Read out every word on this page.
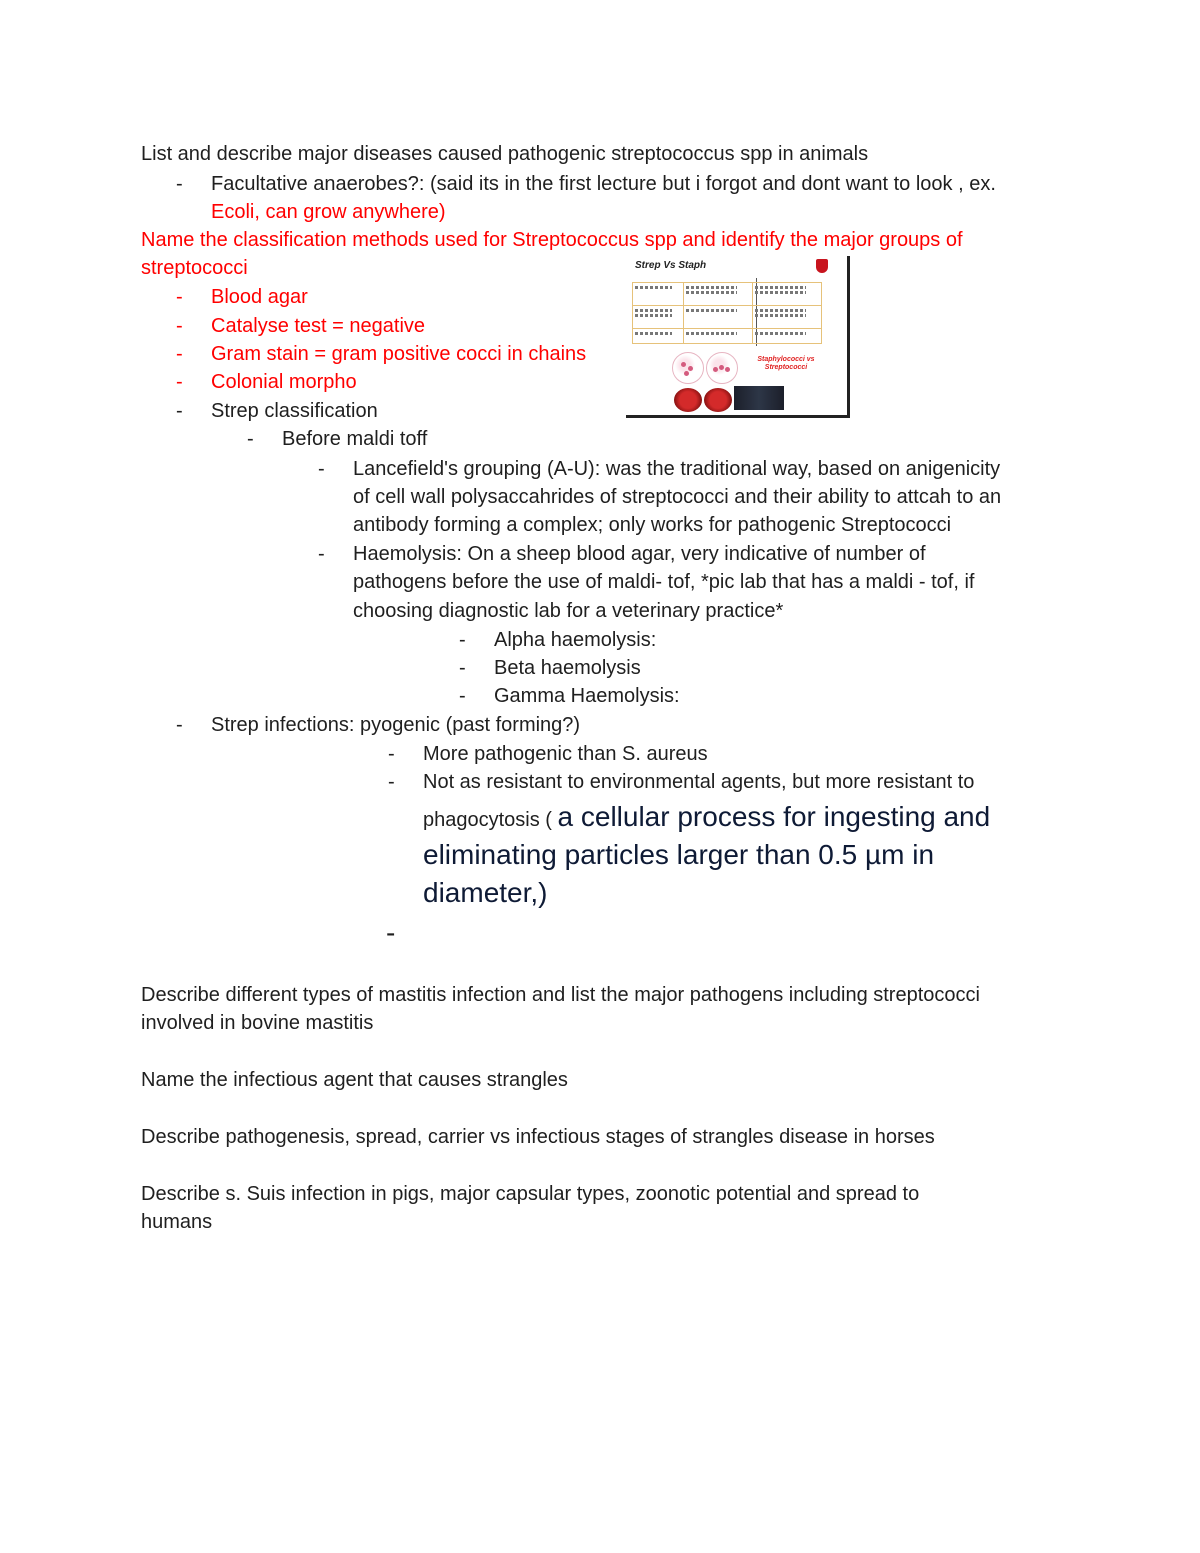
List and describe major diseases caused pathogenic streptococcus spp in animals
- Facultative anaerobes?: (said its in the first lecture but i forgot and dont want to look , ex.
Ecoli, can grow anywhere)
Name the classification methods used for Streptococcus spp and identify the major groups of
streptococci
- Blood agar
- Catalyse test = negative
- Gram stain = gram positive cocci in chains
- Colonial morpho
- Strep classification
- Before maldi toff
- Lancefield's grouping (A-U): was the traditional way, based on anigenicity
of cell wall polysaccahrides of streptococci and their ability to attcah to an
antibody forming a complex; only works for pathogenic Streptococci
- Haemolysis: On a sheep blood agar, very indicative of number of
pathogens before the use of maldi- tof, *pic lab that has a maldi - tof, if
choosing diagnostic lab for a veterinary practice*
- Alpha haemolysis:
- Beta haemolysis
- Gamma Haemolysis:
- Strep infections: pyogenic (past forming?)
- More pathogenic than S. aureus
- Not as resistant to environmental agents, but more resistant to
phagocytosis ( a cellular process for ingesting and
eliminating particles larger than 0.5 µm in
diameter,)
-
Describe different types of mastitis infection and list the major pathogens including streptococci
involved in bovine mastitis
Name the infectious agent that causes strangles
Describe pathogenesis, spread, carrier vs infectious stages of strangles disease in horses
Describe s. Suis infection in pigs, major capsular types, zoonotic potential and spread to
humans
Strep Vs Staph

Staphylococci vs Streptococci
